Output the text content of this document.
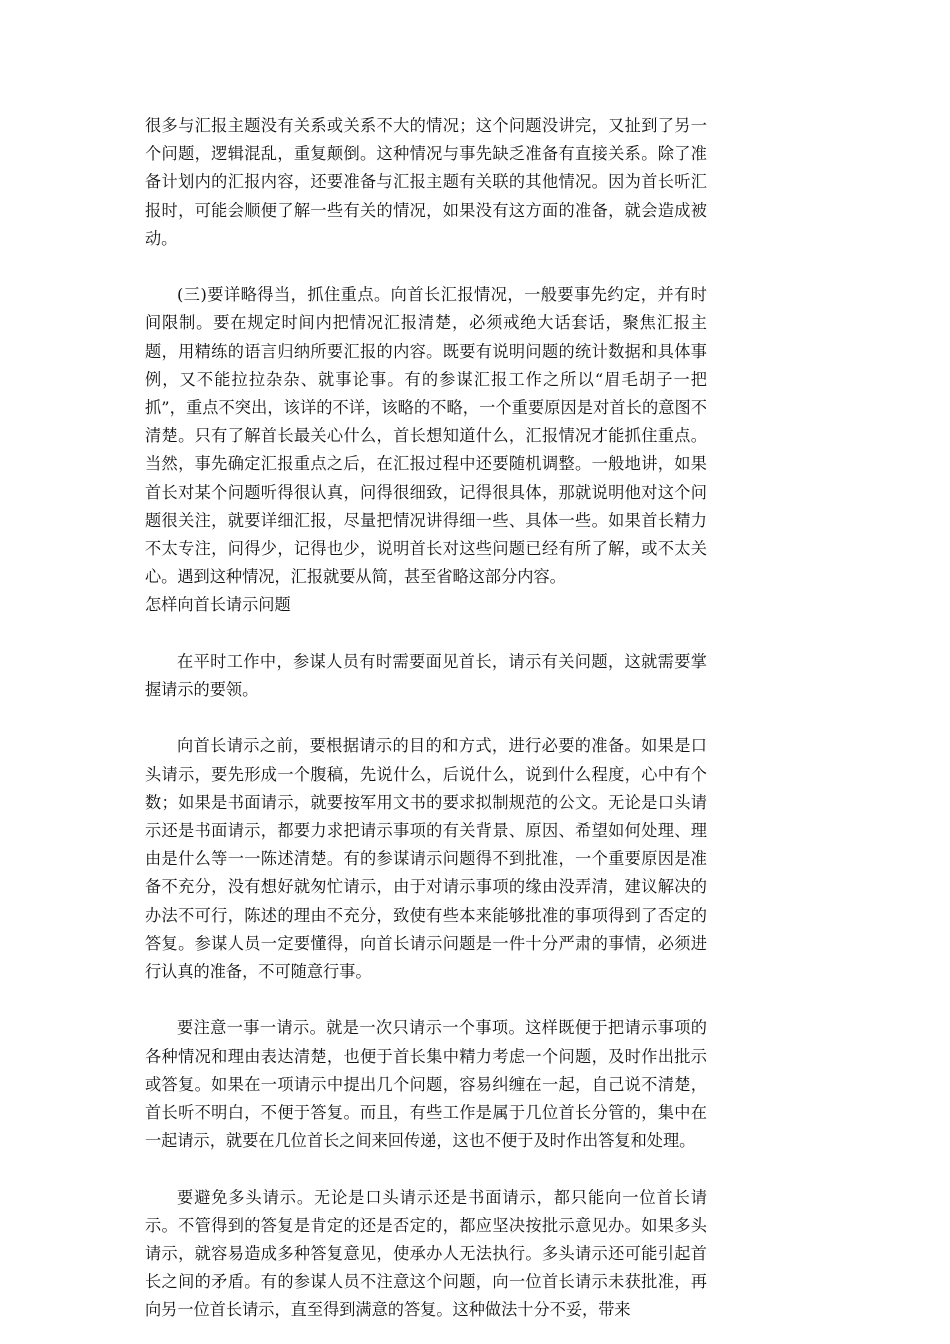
很多与汇报主题没有关系或关系不大的情况；这个问题没讲完，又扯到了另一个问题，逻辑混乱，重复颠倒。这种情况与事先缺乏准备有直接关系。除了准备计划内的汇报内容，还要准备与汇报主题有关联的其他情况。因为首长听汇报时，可能会顺便了解一些有关的情况，如果没有这方面的准备，就会造成被动。

(三)要详略得当，抓住重点。向首长汇报情况，一般要事先约定，并有时间限制。要在规定时间内把情况汇报清楚，必须戒绝大话套话，聚焦汇报主题，用精练的语言归纳所要汇报的内容。既要有说明问题的统计数据和具体事例，又不能拉拉杂杂、就事论事。有的参谋汇报工作之所以“眉毛胡子一把抓”，重点不突出，该详的不详，该略的不略，一个重要原因是对首长的意图不清楚。只有了解首长最关心什么，首长想知道什么，汇报情况才能抓住重点。当然，事先确定汇报重点之后，在汇报过程中还要随机调整。一般地讲，如果首长对某个问题听得很认真，问得很细致，记得很具体，那就说明他对这个问题很关注，就要详细汇报，尽量把情况讲得细一些、具体一些。如果首长精力不太专注，问得少，记得也少，说明首长对这些问题已经有所了解，或不太关心。遇到这种情况，汇报就要从简，甚至省略这部分内容。

怎样向首长请示问题

在平时工作中，参谋人员有时需要面见首长，请示有关问题，这就需要掌握请示的要领。

向首长请示之前，要根据请示的目的和方式，进行必要的准备。如果是口头请示，要先形成一个腹稿，先说什么，后说什么，说到什么程度，心中有个数；如果是书面请示，就要按军用文书的要求拟制规范的公文。无论是口头请示还是书面请示，都要力求把请示事项的有关背景、原因、希望如何处理、理由是什么等一一陈述清楚。有的参谋请示问题得不到批准，一个重要原因是准备不充分，没有想好就匆忙请示，由于对请示事项的缘由没弄清，建议解决的办法不可行，陈述的理由不充分，致使有些本来能够批准的事项得到了否定的答复。参谋人员一定要懂得，向首长请示问题是一件十分严肃的事情，必须进行认真的准备，不可随意行事。

要注意一事一请示。就是一次只请示一个事项。这样既便于把请示事项的各种情况和理由表达清楚，也便于首长集中精力考虑一个问题，及时作出批示或答复。如果在一项请示中提出几个问题，容易纠缠在一起，自己说不清楚，首长听不明白，不便于答复。而且，有些工作是属于几位首长分管的，集中在一起请示，就要在几位首长之间来回传递，这也不便于及时作出答复和处理。

要避免多头请示。无论是口头请示还是书面请示，都只能向一位首长请示。不管得到的答复是肯定的还是否定的，都应坚决按批示意见办。如果多头请示，就容易造成多种答复意见，使承办人无法执行。多头请示还可能引起首长之间的矛盾。有的参谋人员不注意这个问题，向一位首长请示未获批准，再向另一位首长请示，直至得到满意的答复。这种做法十分不妥，带来
